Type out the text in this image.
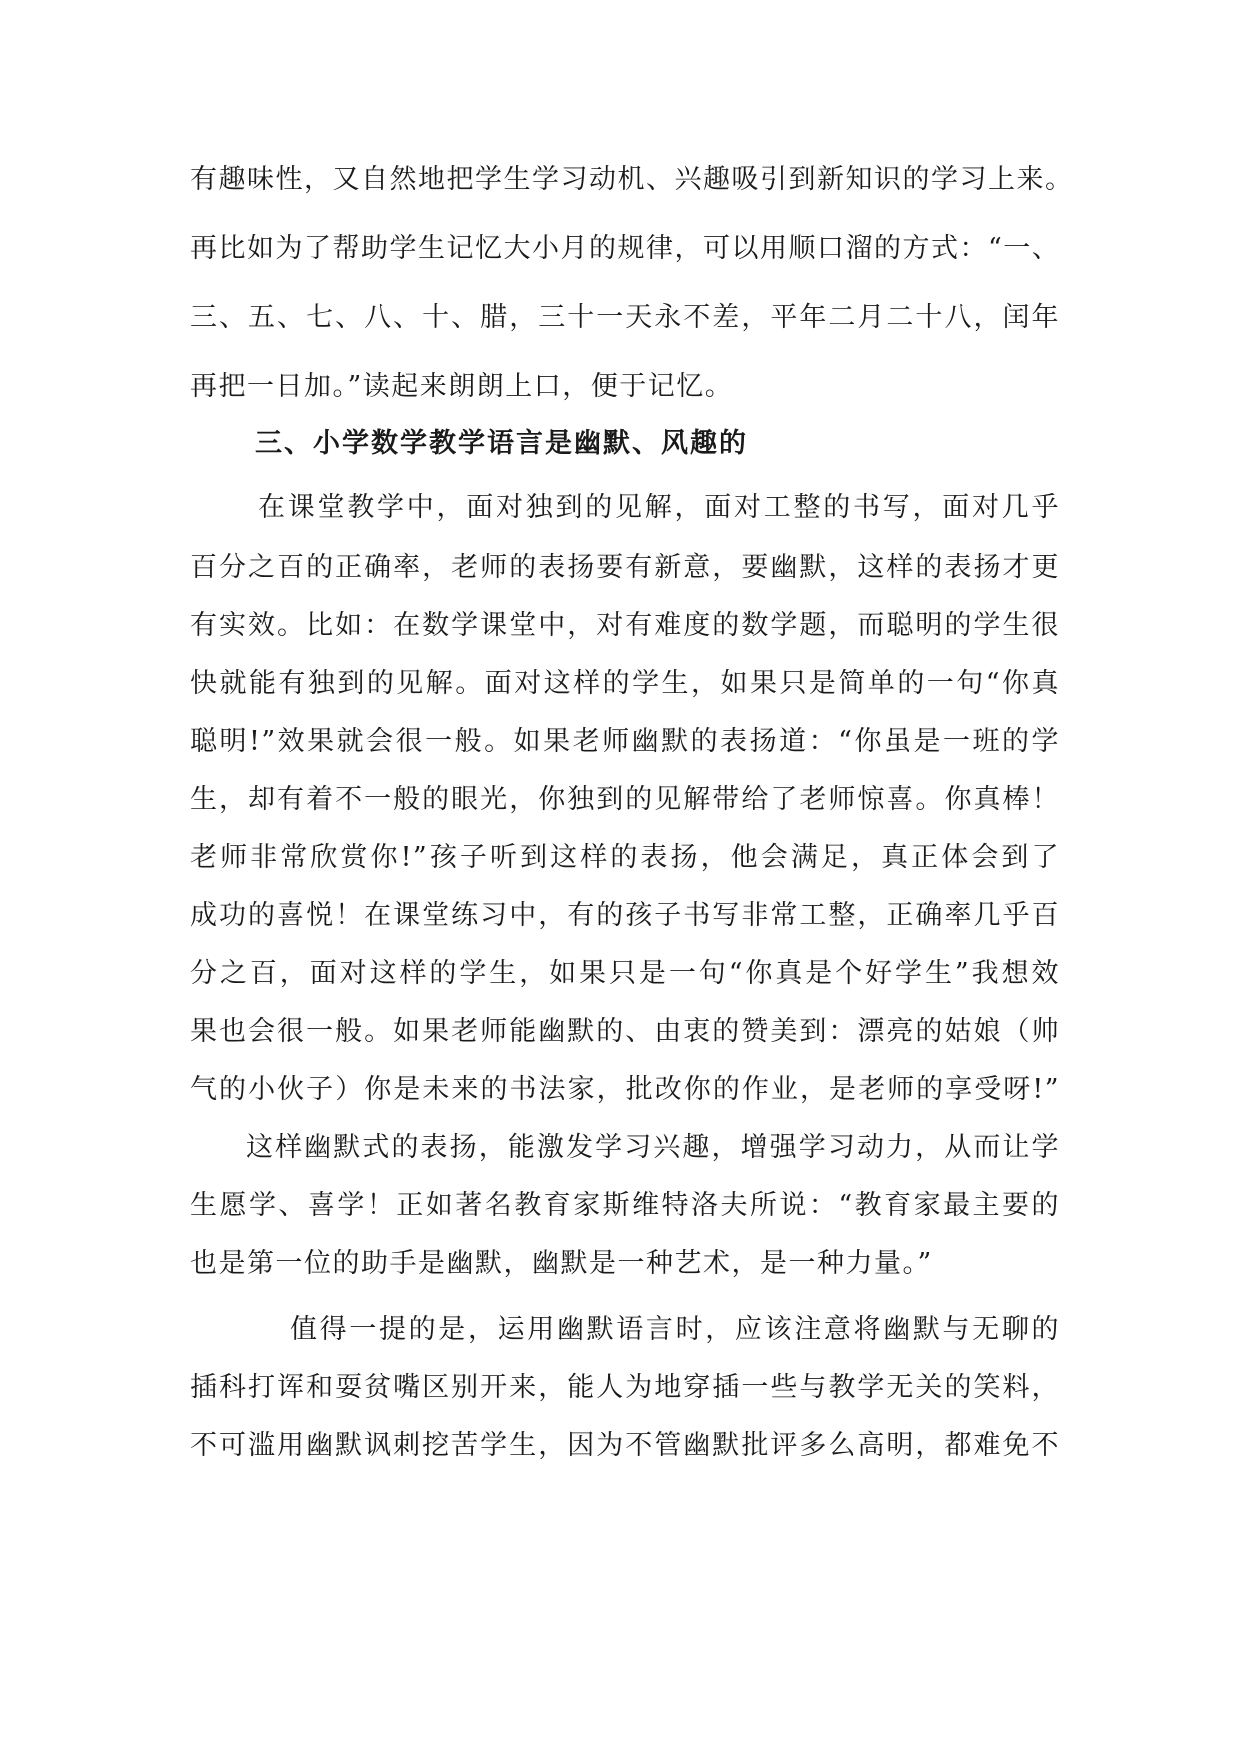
有趣味性，又自然地把学生学习动机、兴趣吸引到新知识的学习上来。
再比如为了帮助学生记忆大小月的规律，可以用顺口溜的方式：“一、
三、五、七、八、十、腊，三十一天永不差，平年二月二十八，闰年
再把一日加。”读起来朗朗上口，便于记忆。
三、小学数学教学语言是幽默、风趣的
在课堂教学中，面对独到的见解，面对工整的书写，面对几乎
百分之百的正确率，老师的表扬要有新意，要幽默，这样的表扬才更
有实效。比如：在数学课堂中，对有难度的数学题，而聪明的学生很
快就能有独到的见解。面对这样的学生，如果只是简单的一句“你真
聪明!”效果就会很一般。如果老师幽默的表扬道：“你虽是一班的学
生，却有着不一般的眼光，你独到的见解带给了老师惊喜。你真棒！
老师非常欣赏你!”孩子听到这样的表扬，他会满足，真正体会到了
成功的喜悦！在课堂练习中，有的孩子书写非常工整，正确率几乎百
分之百，面对这样的学生，如果只是一句“你真是个好学生”我想效
果也会很一般。如果老师能幽默的、由衷的赞美到：漂亮的姑娘（帅
气的小伙子）你是未来的书法家，批改你的作业，是老师的享受呀!”
这样幽默式的表扬，能激发学习兴趣，增强学习动力，从而让学
生愿学、喜学！正如著名教育家斯维特洛夫所说：“教育家最主要的
也是第一位的助手是幽默，幽默是一种艺术，是一种力量。”
值得一提的是，运用幽默语言时，应该注意将幽默与无聊的
插科打诨和耍贫嘴区别开来，能人为地穿插一些与教学无关的笑料，
不可滥用幽默讽刺挖苦学生，因为不管幽默批评多么高明，都难免不
